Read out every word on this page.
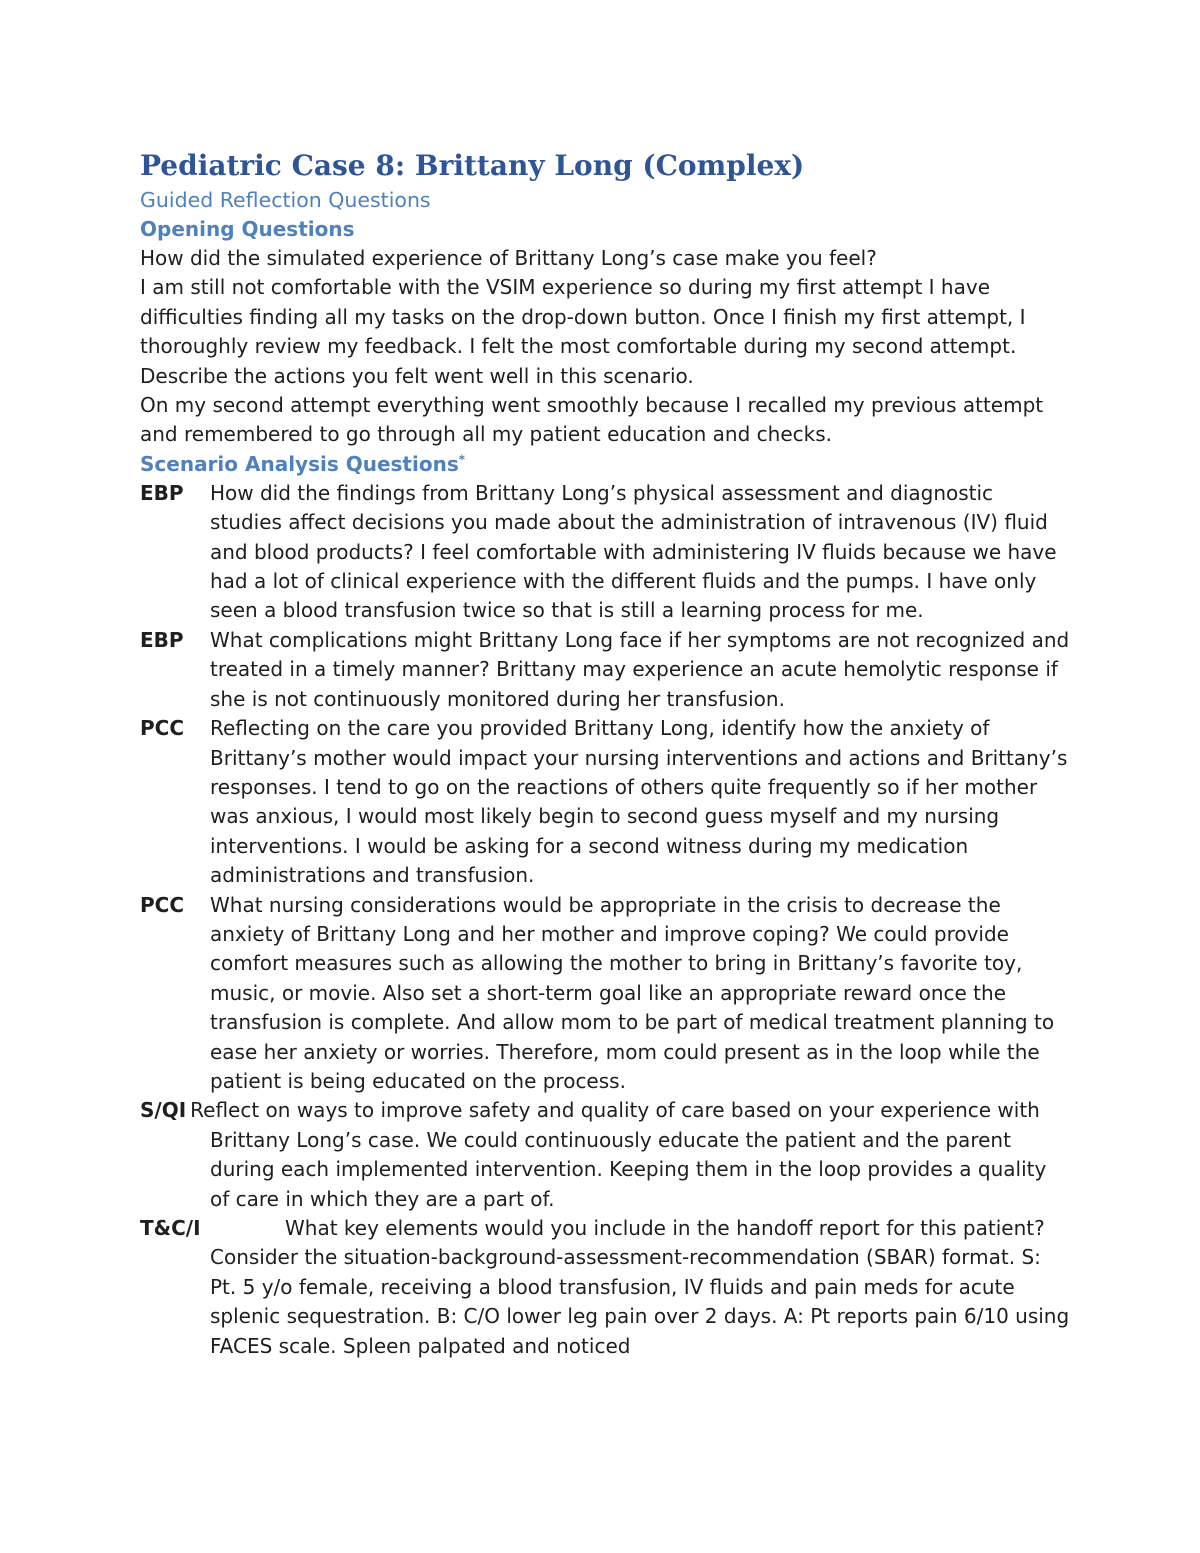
Pediatric Case 8: Brittany Long (Complex)
Guided Reflection Questions
Opening Questions

How did the simulated experience of Brittany Long’s case make you feel?

I am still not comfortable with the VSIM experience so during my first attempt I have difficulties finding all my tasks on the drop-down button. Once I finish my first attempt, I thoroughly review my feedback. I felt the most comfortable during my second attempt.

Describe the actions you felt went well in this scenario.

On my second attempt everything went smoothly because I recalled my previous attempt and remembered to go through all my patient education and checks.

Scenario Analysis Questions*
EBP How did the findings from Brittany Long’s physical assessment and diagnostic studies affect decisions you made about the administration of intravenous (IV) fluid and blood products? I feel comfortable with administering IV fluids because we have had a lot of clinical experience with the different fluids and the pumps. I have only seen a blood transfusion twice so that is still a learning process for me.
EBP What complications might Brittany Long face if her symptoms are not recognized and treated in a timely manner? Brittany may experience an acute hemolytic response if she is not continuously monitored during her transfusion.
PCC Reflecting on the care you provided Brittany Long, identify how the anxiety of Brittany’s mother would impact your nursing interventions and actions and Brittany’s responses. I tend to go on the reactions of others quite frequently so if her mother was anxious, I would most likely begin to second guess myself and my nursing interventions. I would be asking for a second witness during my medication administrations and transfusion.
PCC What nursing considerations would be appropriate in the crisis to decrease the anxiety of Brittany Long and her mother and improve coping? We could provide comfort measures such as allowing the mother to bring in Brittany’s favorite toy, music, or movie. Also set a short-term goal like an appropriate reward once the transfusion is complete. And allow mom to be part of medical treatment planning to ease her anxiety or worries. Therefore, mom could present as in the loop while the patient is being educated on the process.
S/QI Reflect on ways to improve safety and quality of care based on your experience with Brittany Long’s case. We could continuously educate the patient and the parent during each implemented intervention. Keeping them in the loop provides a quality of care in which they are a part of.
T&C/I	What key elements would you include in the handoff report for this patient? Consider the situation-background-assessment-recommendation (SBAR) format. S: Pt. 5 y/o female, receiving a blood transfusion, IV fluids and pain meds for acute splenic sequestration. B: C/O lower leg pain over 2 days. A: Pt reports pain 6/10 using FACES scale. Spleen palpated and noticed
